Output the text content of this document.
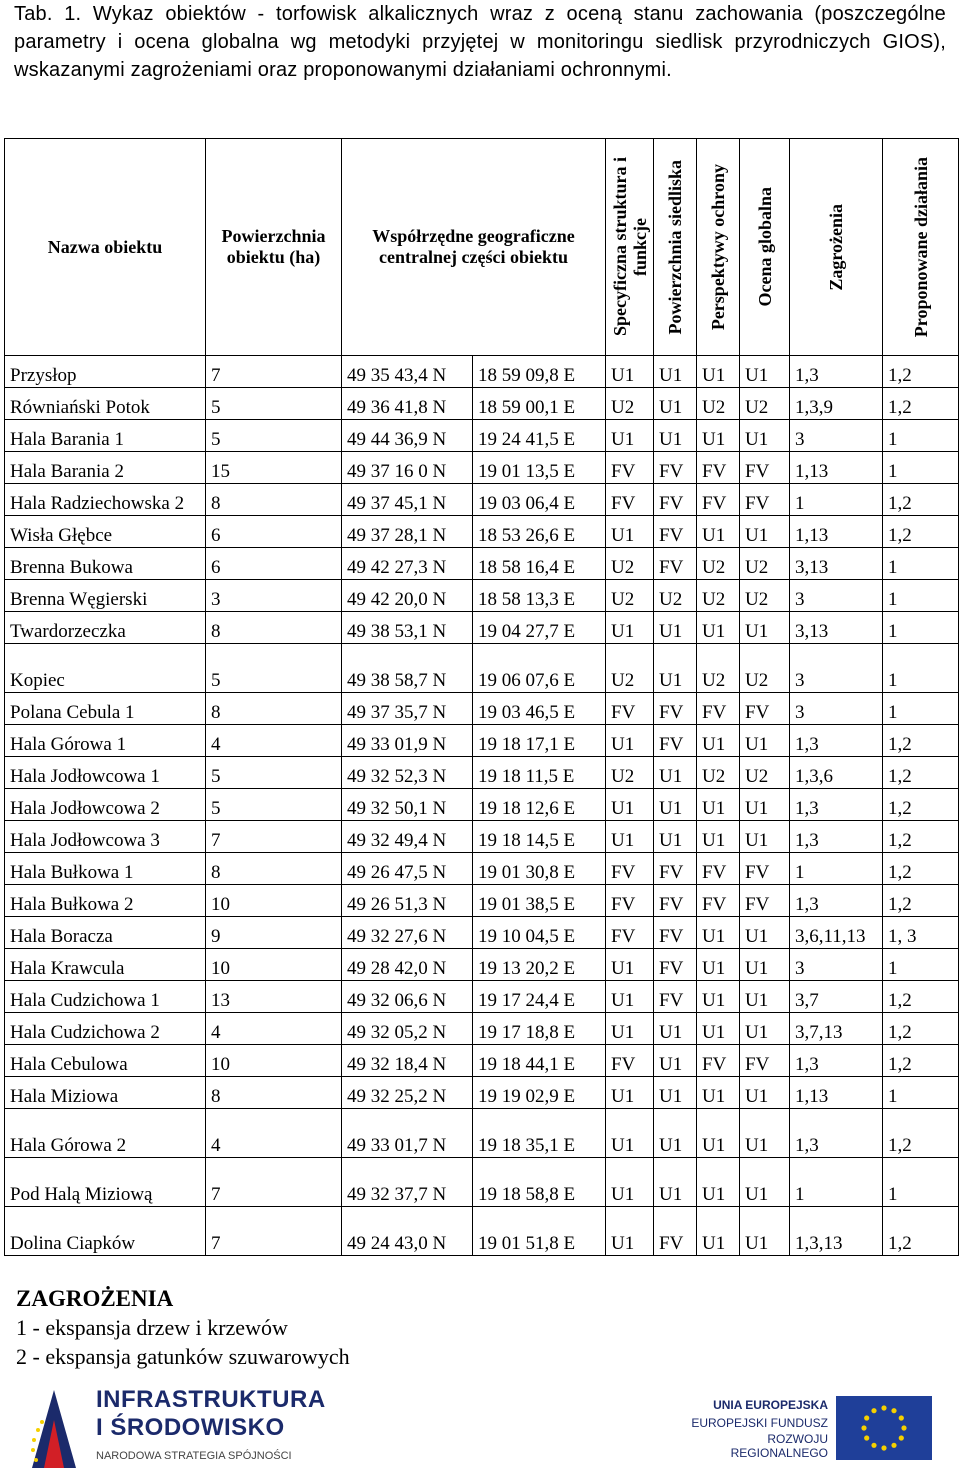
Tab. 1. Wykaz obiektów - torfowisk alkalicznych wraz z oceną stanu zachowania (poszczególne parametry i ocena globalna wg metodyki przyjętej w monitoringu siedlisk przyrodniczych GIOS), wskazanymi zagrożeniami oraz proponowanymi działaniami ochronnymi.
Nazwa obiektu	Powierzchnia obiektu (ha)	Współrzędne geograficzne centralnej części obiektu		Specyficzna struktura i funkcje	Powierzchnia siedliska	Perspektywy ochrony	Ocena globalna	Zagrożenia	Proponowane działania

Przysłop	7	49 35 43,4 N	18 59 09,8 E	U1	U1	U1	U1	1,3	1,2
Równiański Potok	5	49 36 41,8 N	18 59 00,1 E	U2	U1	U2	U2	1,3,9	1,2
Hala Barania 1	5	49 44 36,9 N	19 24 41,5 E	U1	U1	U1	U1	3	1
Hala Barania 2	15	49 37 16 0 N	19 01 13,5 E	FV	FV	FV	FV	1,13	1
Hala Radziechowska 2	8	49 37 45,1 N	19 03 06,4 E	FV	FV	FV	FV	1	1,2
Wisła Głębce	6	49 37 28,1 N	18 53 26,6 E	U1	FV	U1	U1	1,13	1,2
Brenna Bukowa	6	49 42 27,3 N	18 58 16,4 E	U2	FV	U2	U2	3,13	1
Brenna Węgierski	3	49 42 20,0 N	18 58 13,3 E	U2	U2	U2	U2	3	1
Twardorzeczka	8	49 38 53,1 N	19 04 27,7 E	U1	U1	U1	U1	3,13	1
Kopiec	5	49 38 58,7 N	19 06 07,6 E	U2	U1	U2	U2	3	1
Polana Cebula 1	8	49 37 35,7 N	19 03 46,5 E	FV	FV	FV	FV	3	1
Hala Górowa 1	4	49 33 01,9 N	19 18 17,1 E	U1	FV	U1	U1	1,3	1,2
Hala Jodłowcowa 1	5	49 32 52,3 N	19 18 11,5 E	U2	U1	U2	U2	1,3,6	1,2
Hala Jodłowcowa 2	5	49 32 50,1 N	19 18 12,6 E	U1	U1	U1	U1	1,3	1,2
Hala Jodłowcowa 3	7	49 32 49,4 N	19 18 14,5 E	U1	U1	U1	U1	1,3	1,2
Hala Bułkowa 1	8	49 26 47,5 N	19 01 30,8 E	FV	FV	FV	FV	1	1,2
Hala Bułkowa 2	10	49 26 51,3 N	19 01 38,5 E	FV	FV	FV	FV	1,3	1,2
Hala Boracza	9	49 32 27,6 N	19 10 04,5 E	FV	FV	U1	U1	3,6,11,13	1, 3
Hala Krawcula	10	49 28 42,0 N	19 13 20,2 E	U1	FV	U1	U1	3	1
Hala Cudzichowa 1	13	49 32 06,6 N	19 17 24,4 E	U1	FV	U1	U1	3,7	1,2
Hala Cudzichowa 2	4	49 32 05,2 N	19 17 18,8 E	U1	U1	U1	U1	3,7,13	1,2
Hala Cebulowa	10	49 32 18,4 N	19 18 44,1 E	FV	U1	FV	FV	1,3	1,2
Hala Miziowa	8	49 32 25,2 N	19 19 02,9 E	U1	U1	U1	U1	1,13	1
Hala Górowa 2	4	49 33 01,7 N	19 18 35,1 E	U1	U1	U1	U1	1,3	1,2
Pod Halą Miziową	7	49 32 37,7 N	19 18 58,8 E	U1	U1	U1	U1	1	1
Dolina Ciapków	7	49 24 43,0 N	19 01 51,8 E	U1	FV	U1	U1	1,3,13	1,2
ZAGROŻENIA
1 - ekspansja drzew i krzewów
2 - ekspansja gatunków szuwarowych
INFRASTRUKTURA
I ŚRODOWISKO
NARODOWA STRATEGIA SPÓJNOŚCI
UNIA EUROPEJSKA
EUROPEJSKI FUNDUSZ
ROZWOJU REGIONALNEGO
